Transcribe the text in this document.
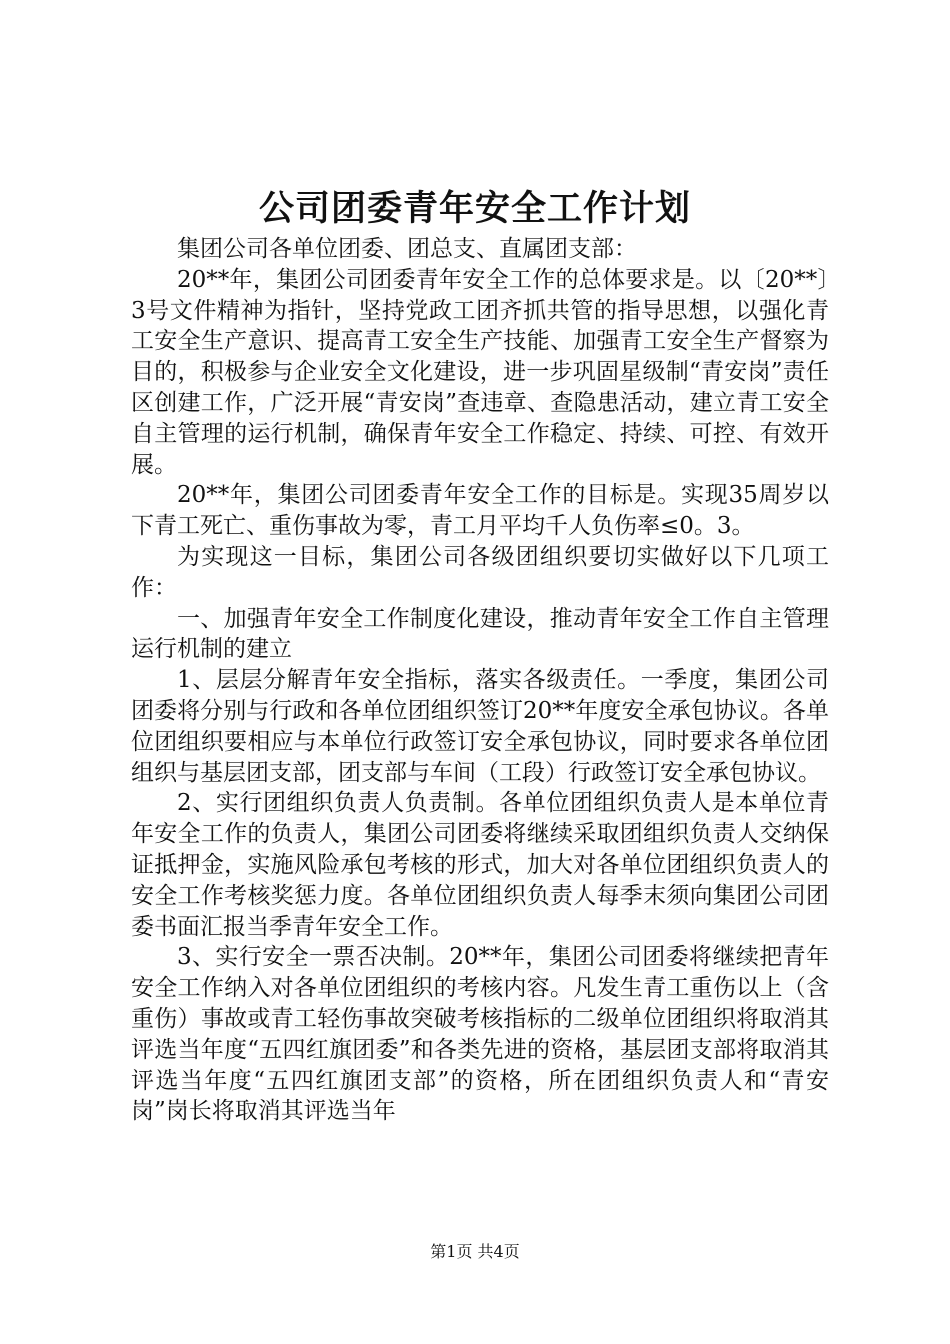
公司团委青年安全工作计划

集团公司各单位团委、团总支、直属团支部：

20**年，集团公司团委青年安全工作的总体要求是。以〔20**〕3号文件精神为指针，坚持党政工团齐抓共管的指导思想，以强化青工安全生产意识、提高青工安全生产技能、加强青工安全生产督察为目的，积极参与企业安全文化建设，进一步巩固星级制“青安岗”责任区创建工作，广泛开展“青安岗”查违章、查隐患活动，建立青工安全自主管理的运行机制，确保青年安全工作稳定、持续、可控、有效开展。

20**年，集团公司团委青年安全工作的目标是。实现35周岁以下青工死亡、重伤事故为零，青工月平均千人负伤率≤0。3。

为实现这一目标，集团公司各级团组织要切实做好以下几项工作：

一、加强青年安全工作制度化建设，推动青年安全工作自主管理运行机制的建立

1、层层分解青年安全指标，落实各级责任。一季度，集团公司团委将分别与行政和各单位团组织签订20**年度安全承包协议。各单位团组织要相应与本单位行政签订安全承包协议，同时要求各单位团组织与基层团支部，团支部与车间（工段）行政签订安全承包协议。

2、实行团组织负责人负责制。各单位团组织负责人是本单位青年安全工作的负责人，集团公司团委将继续采取团组织负责人交纳保证抵押金，实施风险承包考核的形式，加大对各单位团组织负责人的安全工作考核奖惩力度。各单位团组织负责人每季末须向集团公司团委书面汇报当季青年安全工作。

3、实行安全一票否决制。20**年，集团公司团委将继续把青年安全工作纳入对各单位团组织的考核内容。凡发生青工重伤以上（含重伤）事故或青工轻伤事故突破考核指标的二级单位团组织将取消其评选当年度“五四红旗团委”和各类先进的资格，基层团支部将取消其评选当年度“五四红旗团支部”的资格，所在团组织负责人和“青安岗”岗长将取消其评选当年

第1页 共4页
